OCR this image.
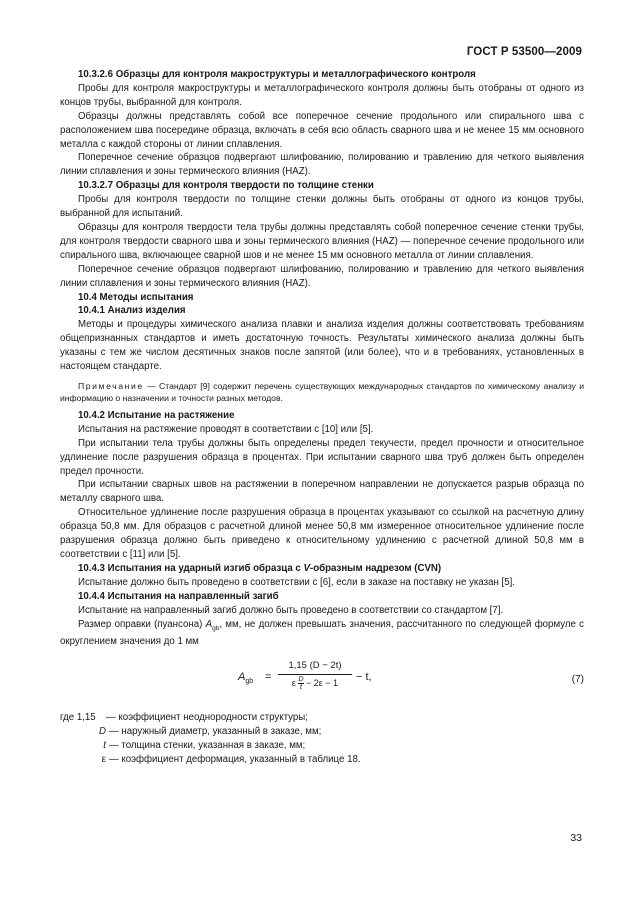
ГОСТ Р 53500—2009

10.3.2.6 Образцы для контроля макроструктуры и металлографического контроля

Пробы для контроля макроструктуры и металлографического контроля должны быть отобраны от одного из концов трубы, выбранной для контроля.

Образцы должны представлять собой все поперечное сечение продольного или спирального шва с расположением шва посередине образца, включать в себя всю область сварного шва и не менее 15 мм основного металла с каждой стороны от линии сплавления.

Поперечное сечение образцов подвергают шлифованию, полированию и травлению для четкого выявления линии сплавления и зоны термического влияния (HAZ).

10.3.2.7 Образцы для контроля твердости по толщине стенки

Пробы для контроля твердости по толщине стенки должны быть отобраны от одного из концов трубы, выбранной для испытаний.

Образцы для контроля твердости тела трубы должны представлять собой поперечное сечение стенки трубы, для контроля твердости сварного шва и зоны термического влияния (HAZ) — поперечное сечение продольного или спирального шва, включающее сварной шов и не менее 15 мм основного металла от линии сплавления.

Поперечное сечение образцов подвергают шлифованию, полированию и травлению для четкого выявления линии сплавления и зоны термического влияния (HAZ).

10.4 Методы испытания

10.4.1 Анализ изделия

Методы и процедуры химического анализа плавки и анализа изделия должны соответствовать требованиям общепризнанных стандартов и иметь достаточную точность. Результаты химического анализа должны быть указаны с тем же числом десятичных знаков после запятой (или более), что и в требованиях, установленных в настоящем стандарте.

Примечание — Стандарт [9] содержит перечень существующих международных стандартов по химическому анализу и информацию о назначении и точности разных методов.

10.4.2 Испытание на растяжение

Испытания на растяжение проводят в соответствии с [10] или [5].

При испытании тела трубы должны быть определены предел текучести, предел прочности и относительное удлинение после разрушения образца в процентах. При испытании сварного шва труб должен быть определен предел прочности.

При испытании сварных швов на растяжении в поперечном направлении не допускается разрыв образца по металлу сварного шва.

Относительное удлинение после разрушения образца в процентах указывают со ссылкой на расчетную длину образца 50,8 мм. Для образцов с расчетной длиной менее 50,8 мм измеренное относительное удлинение после разрушения образца должно быть приведено к относительному удлинению с расчетной длиной 50,8 мм в соответствии с [11] или [5].

10.4.3 Испытания на ударный изгиб образца с V-образным надрезом (CVN)

Испытание должно быть проведено в соответствии с [6], если в заказе на поставку не указан [5].

10.4.4 Испытания на направленный загиб

Испытание на направленный загиб должно быть проведено в соответствии со стандартом [7].

Размер оправки (пуансона) $A_{gb}$, мм, не должен превышать значения, рассчитанного по следующей формуле с округлением значения до 1 мм

$A_{gb} = \frac{1,15 (D - 2t)}{\varepsilon \frac{D}{t} - 2\varepsilon - 1} - t$,	(7)
где 1,15	— коэффициент неоднородности структуры;
D — наружный диаметр, указанный в заказе, мм;
t — толщина стенки, указанная в заказе, мм;
ε — коэффициент деформация, указанный в таблице 18.
33
